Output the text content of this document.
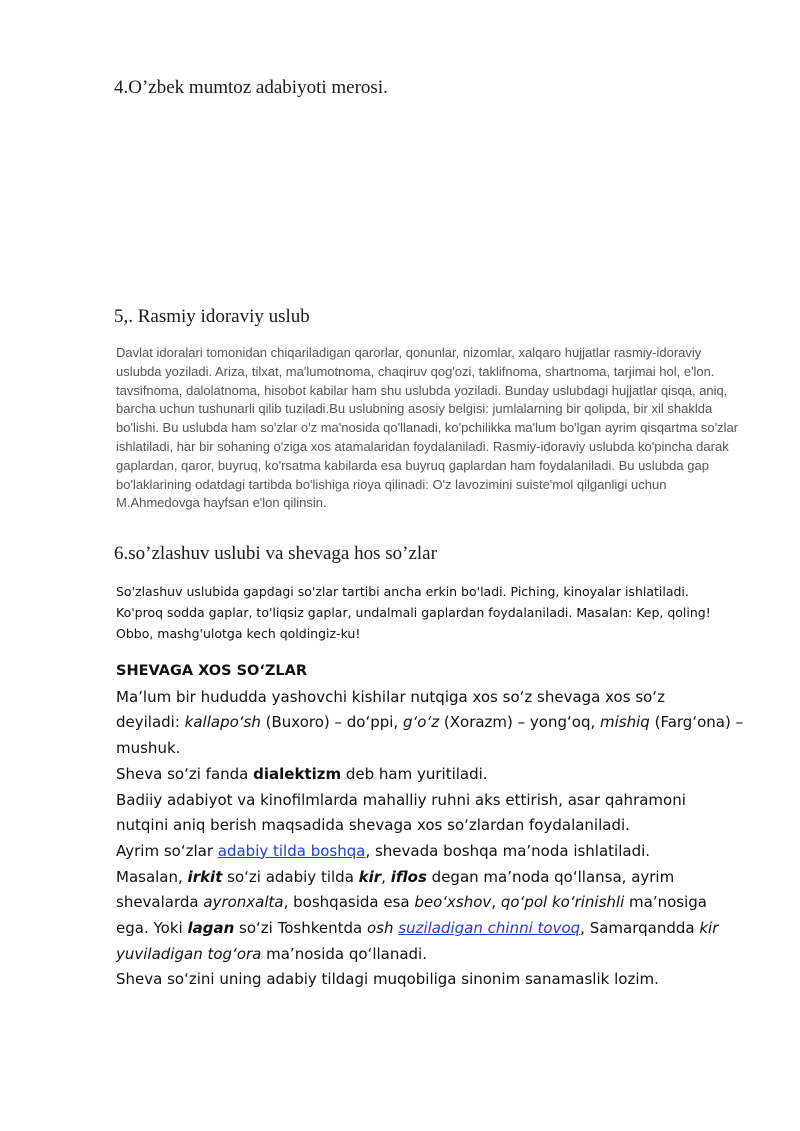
4.O’zbek mumtoz adabiyoti merosi.
5,. Rasmiy idoraviy uslub

Davlat idoralari tomonidan chiqariladigan qarorlar, qonunlar, nizomlar, xalqaro hujjatlar rasmiy-idoraviy uslubda yoziladi. Ariza, tilxat, ma'lumotnoma, chaqiruv qog'ozi, taklifnoma, shartnoma, tarjimai hol, e'lon. tavsifnoma, dalolatnoma, hisobot kabilar ham shu uslubda yoziladi. Bunday uslubdagi hujjatlar qisqa, aniq, barcha uchun tushunarli qilib tuziladi.Bu uslubning asosiy belgisi: jumlalarning bir qolipda, bir xil shaklda bo'lishi. Bu uslubda ham so'zlar o'z ma'nosida qo'llanadi, ko'pchilikka ma'lum bo'lgan ayrim qisqartma so'zlar ishlatiladi, har bir sohaning o'ziga xos atamalaridan foydalaniladi. Rasmiy-idoraviy uslubda ko'pincha darak gaplardan, qaror, buyruq, ko'rsatma kabilarda esa buyruq gaplardan ham foydalaniladi. Bu uslubda gap bo'laklarining odatdagi tartibda bo'lishiga rioya qilinadi: O'z lavozimini suiste'mol qilganligi uchun M.Ahmedovga hayfsan e'lon qilinsin.

6.so’zlashuv uslubi va shevaga hos so’zlar

So'zlashuv uslubida gapdagi so'zlar tartibi ancha erkin bo'ladi. Piching, kinoyalar ishlatiladi. Ko'proq sodda gaplar, to'liqsiz gaplar, undalmali gaplardan foydalaniladi. Masalan: Kep, qoling! Obbo, mashg'ulotga kech qoldingiz-ku!

SHEVAGA XOS SO‘ZLAR
Ma’lum bir hududda yashovchi kishilar nutqiga xos so‘z shevaga xos so‘z
deyiladi: kallapo‘sh (Buxoro) – do‘ppi, g‘o‘z (Xorazm) – yong‘oq, mishiq (Farg‘ona) –
mushuk.
Sheva so‘zi fanda dialektizm deb ham yuritiladi.
Badiiy adabiyot va kinofilmlarda mahalliy ruhni aks ettirish, asar qahramoni
nutqini aniq berish maqsadida shevaga xos so‘zlardan foydalaniladi.
Ayrim so‘zlar adabiy tilda boshqa, shevada boshqa ma’noda ishlatiladi.
Masalan, irkit so‘zi adabiy tilda kir, iflos degan ma’noda qo‘llansa, ayrim
shevalarda ayronxalta, boshqasida esa beo‘xshov, qo‘pol ko‘rinishli ma’nosiga
ega. Yoki lagan so‘zi Toshkentda osh suziladigan chinni tovoq, Samarqandda kir
yuviladigan tog‘ora ma’nosida qo‘llanadi.
Sheva so‘zini uning adabiy tildagi muqobiliga sinonim sanamaslik lozim.
